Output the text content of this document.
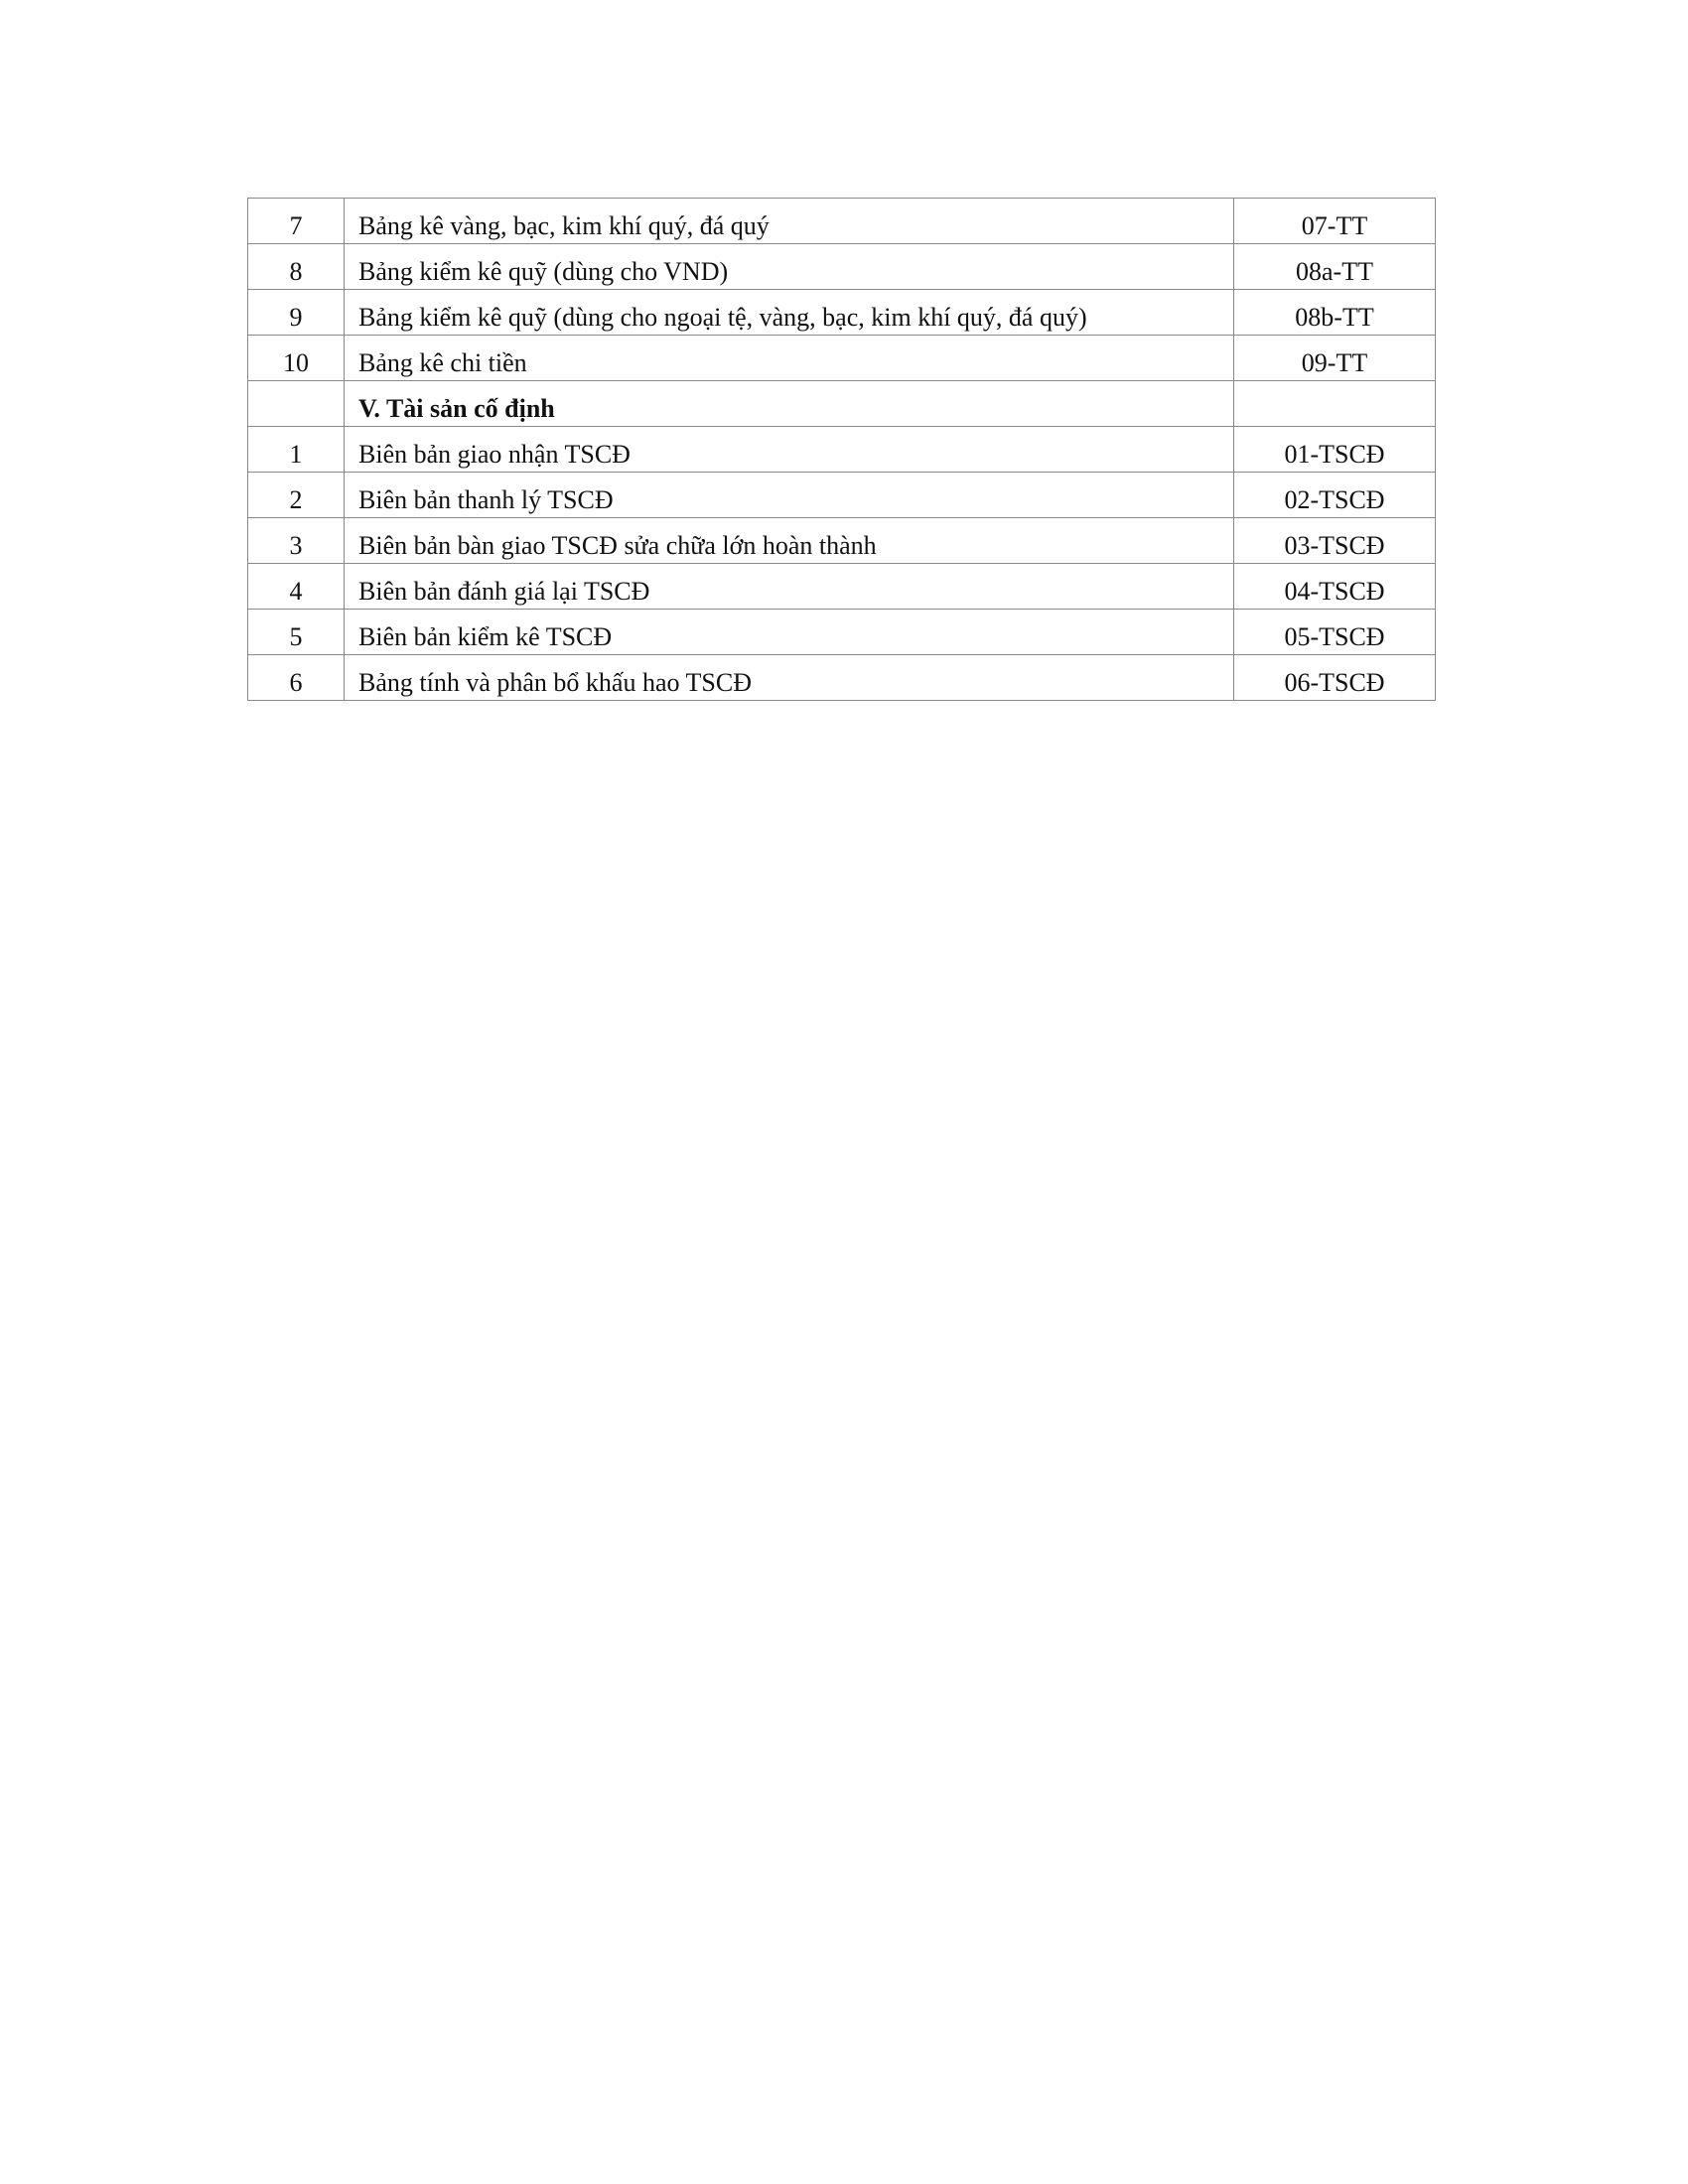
7	Bảng kê vàng, bạc, kim khí quý, đá quý	07-TT
8	Bảng kiểm kê quỹ (dùng cho VND)	08a-TT
9	Bảng kiểm kê quỹ (dùng cho ngoại tệ, vàng, bạc, kim khí quý, đá quý)	08b-TT
10	Bảng kê chi tiền	09-TT
	V. Tài sản cố định	
1	Biên bản giao nhận TSCĐ	01-TSCĐ
2	Biên bản thanh lý TSCĐ	02-TSCĐ
3	Biên bản bàn giao TSCĐ sửa chữa lớn hoàn thành	03-TSCĐ
4	Biên bản đánh giá lại TSCĐ	04-TSCĐ
5	Biên bản kiểm kê TSCĐ	05-TSCĐ
6	Bảng tính và phân bổ khấu hao TSCĐ	06-TSCĐ
